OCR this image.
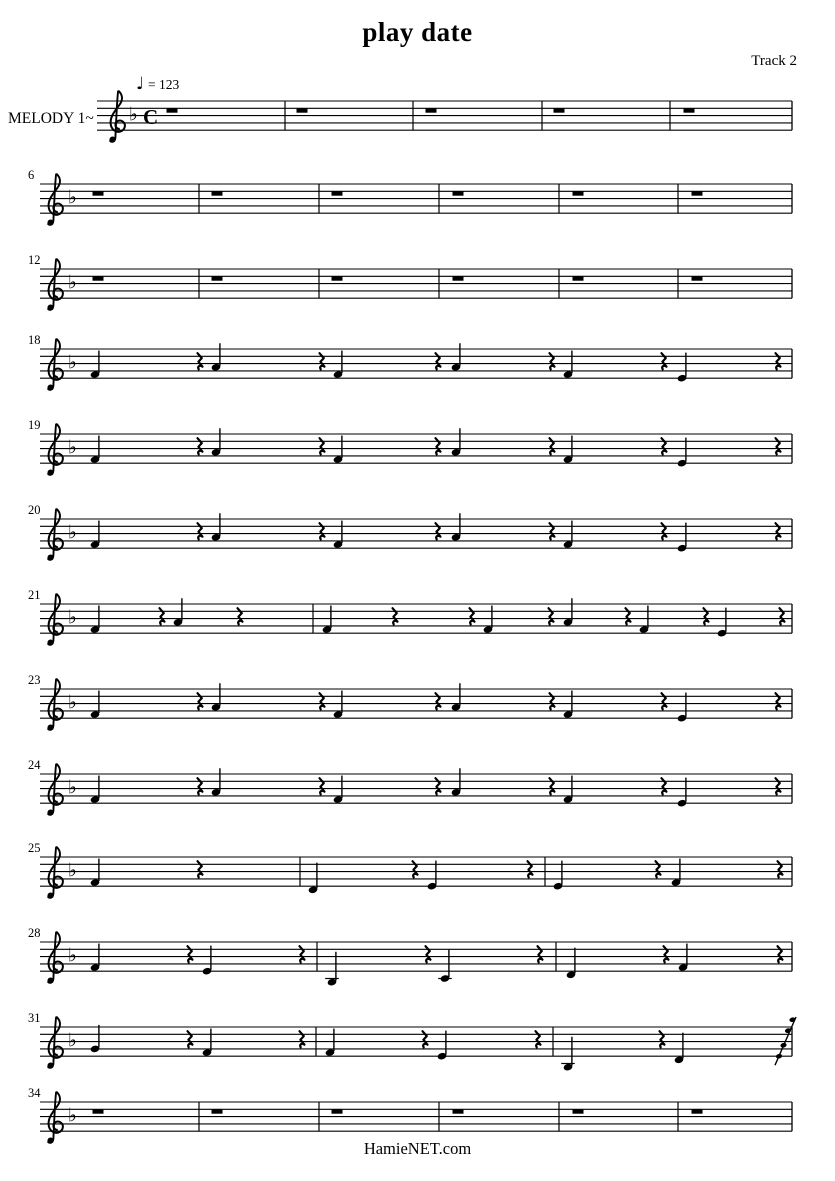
♭ C
6
♭
12
♭
18
♭
19
♭
20
♭
21
♭
23
♭
24
♭
25
♭
28
♭
31
♭
34
♭
play date
Track 2
MELODY 1~
♩ = 123
HamieNET.com
